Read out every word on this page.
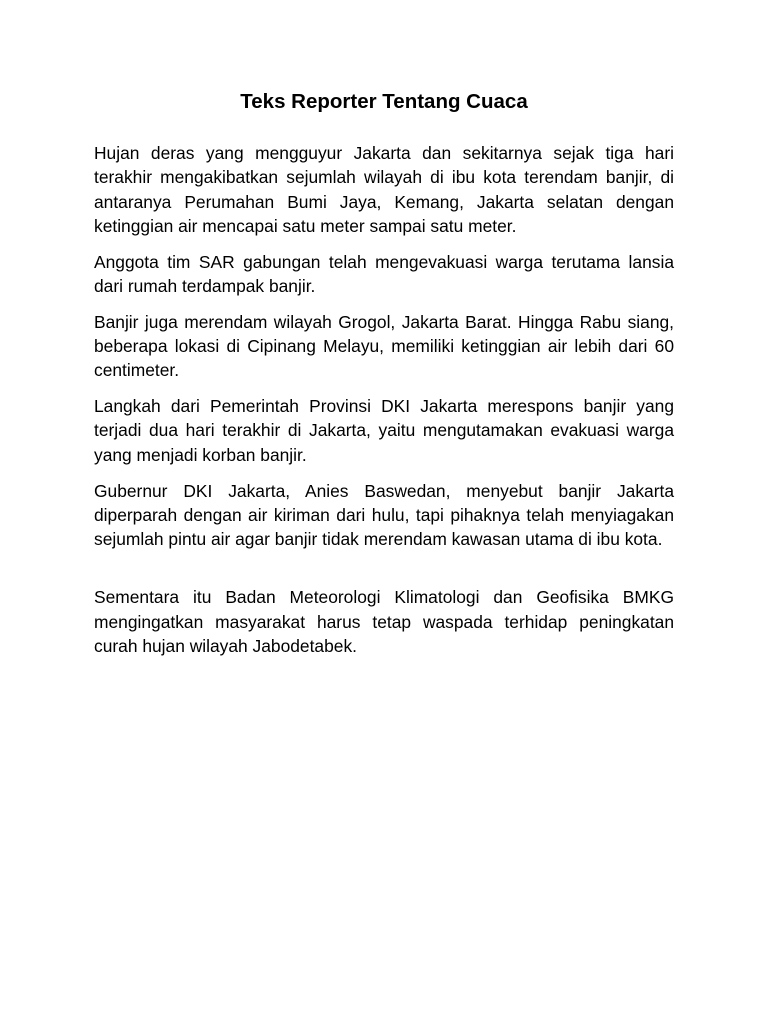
Teks Reporter Tentang Cuaca

Hujan deras yang mengguyur Jakarta dan sekitarnya sejak tiga hari terakhir mengakibatkan sejumlah wilayah di ibu kota terendam banjir, di antaranya Perumahan Bumi Jaya, Kemang, Jakarta selatan dengan ketinggian air mencapai satu meter sampai satu meter.

Anggota tim SAR gabungan telah mengevakuasi warga terutama lansia dari rumah terdampak banjir.

Banjir juga merendam wilayah Grogol, Jakarta Barat. Hingga Rabu siang, beberapa lokasi di Cipinang Melayu, memiliki ketinggian air lebih dari 60 centimeter.

Langkah dari Pemerintah Provinsi DKI Jakarta merespons banjir yang terjadi dua hari terakhir di Jakarta, yaitu mengutamakan evakuasi warga yang menjadi korban banjir.

Gubernur DKI Jakarta, Anies Baswedan, menyebut banjir Jakarta diperparah dengan air kiriman dari hulu, tapi pihaknya telah menyiagakan sejumlah pintu air agar banjir tidak merendam kawasan utama di ibu kota.

Sementara itu Badan Meteorologi Klimatologi dan Geofisika BMKG mengingatkan masyarakat harus tetap waspada terhidap peningkatan curah hujan wilayah Jabodetabek.
